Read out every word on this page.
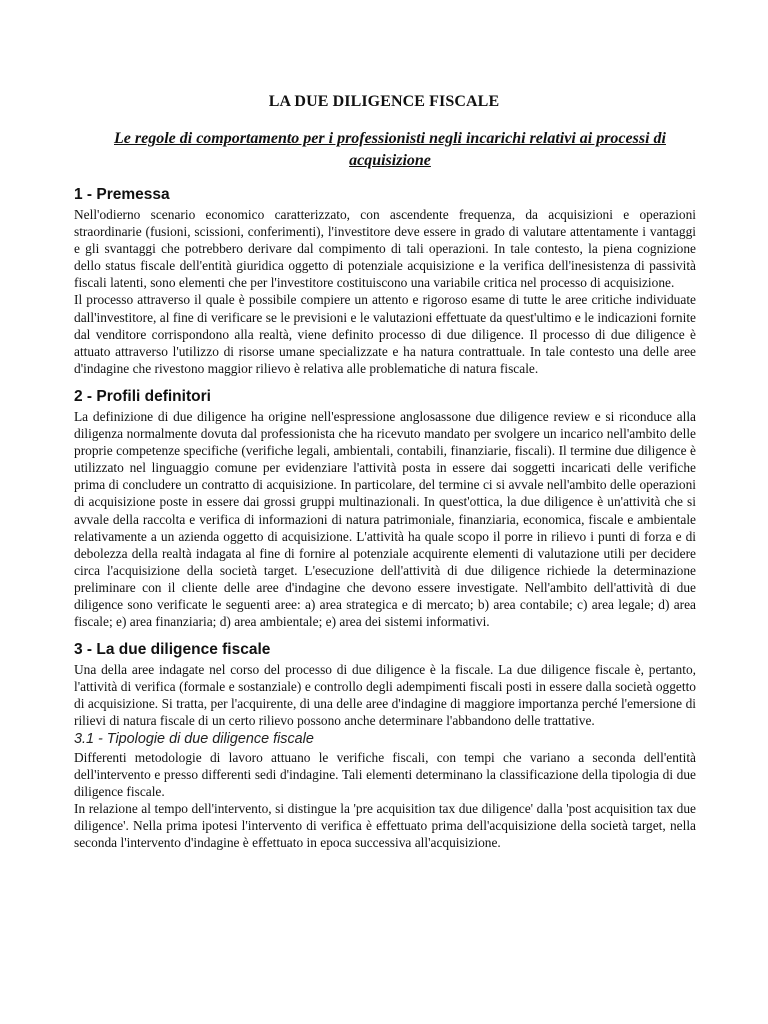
LA DUE DILIGENCE FISCALE
Le regole di comportamento per i professionisti negli incarichi relativi ai processi di acquisizione
1 - Premessa

Nell'odierno scenario economico caratterizzato, con ascendente frequenza, da acquisizioni e operazioni straordinarie (fusioni, scissioni, conferimenti), l'investitore deve essere in grado di valutare attentamente i vantaggi e gli svantaggi che potrebbero derivare dal compimento di tali operazioni. In tale contesto, la piena cognizione dello status fiscale dell'entità giuridica oggetto di potenziale acquisizione e la verifica dell'inesistenza di passività fiscali latenti, sono elementi che per l'investitore costituiscono una variabile critica nel processo di acquisizione.

Il processo attraverso il quale è possibile compiere un attento e rigoroso esame di tutte le aree critiche individuate dall'investitore, al fine di verificare se le previsioni e le valutazioni effettuate da quest'ultimo e le indicazioni fornite dal venditore corrispondono alla realtà, viene definito processo di due diligence. Il processo di due diligence è attuato attraverso l'utilizzo di risorse umane specializzate e ha natura contrattuale. In tale contesto una delle aree d'indagine che rivestono maggior rilievo è relativa alle problematiche di natura fiscale.

2 - Profili definitori

La definizione di due diligence ha origine nell'espressione anglosassone due diligence review e si riconduce alla diligenza normalmente dovuta dal professionista che ha ricevuto mandato per svolgere un incarico nell'ambito delle proprie competenze specifiche (verifiche legali, ambientali, contabili, finanziarie, fiscali). Il termine due diligence è utilizzato nel linguaggio comune per evidenziare l'attività posta in essere dai soggetti incaricati delle verifiche prima di concludere un contratto di acquisizione. In particolare, del termine ci si avvale nell'ambito delle operazioni di acquisizione poste in essere dai grossi gruppi multinazionali. In quest'ottica, la due diligence è un'attività che si avvale della raccolta e verifica di informazioni di natura patrimoniale, finanziaria, economica, fiscale e ambientale relativamente a un azienda oggetto di acquisizione. L'attività ha quale scopo il porre in rilievo i punti di forza e di debolezza della realtà indagata al fine di fornire al potenziale acquirente elementi di valutazione utili per decidere circa l'acquisizione della società target. L'esecuzione dell'attività di due diligence richiede la determinazione preliminare con il cliente delle aree d'indagine che devono essere investigate. Nell'ambito dell'attività di due diligence sono verificate le seguenti aree: a) area strategica e di mercato; b) area contabile; c) area legale; d) area fiscale; e) area finanziaria; d) area ambientale; e) area dei sistemi informativi.

3 - La due diligence fiscale

Una della aree indagate nel corso del processo di due diligence è la fiscale. La due diligence fiscale è, pertanto, l'attività di verifica (formale e sostanziale) e controllo degli adempimenti fiscali posti in essere dalla società oggetto di acquisizione. Si tratta, per l'acquirente, di una delle aree d'indagine di maggiore importanza perché l'emersione di rilievi di natura fiscale di un certo rilievo possono anche determinare l'abbandono delle trattative.

3.1 - Tipologie di due diligence fiscale

Differenti metodologie di lavoro attuano le verifiche fiscali, con tempi che variano a seconda dell'entità dell'intervento e presso differenti sedi d'indagine. Tali elementi determinano la classificazione della tipologia di due diligence fiscale.

In relazione al tempo dell'intervento, si distingue la 'pre acquisition tax due diligence' dalla 'post acquisition tax due diligence'. Nella prima ipotesi l'intervento di verifica è effettuato prima dell'acquisizione della società target, nella seconda l'intervento d'indagine è effettuato in epoca successiva all'acquisizione.
